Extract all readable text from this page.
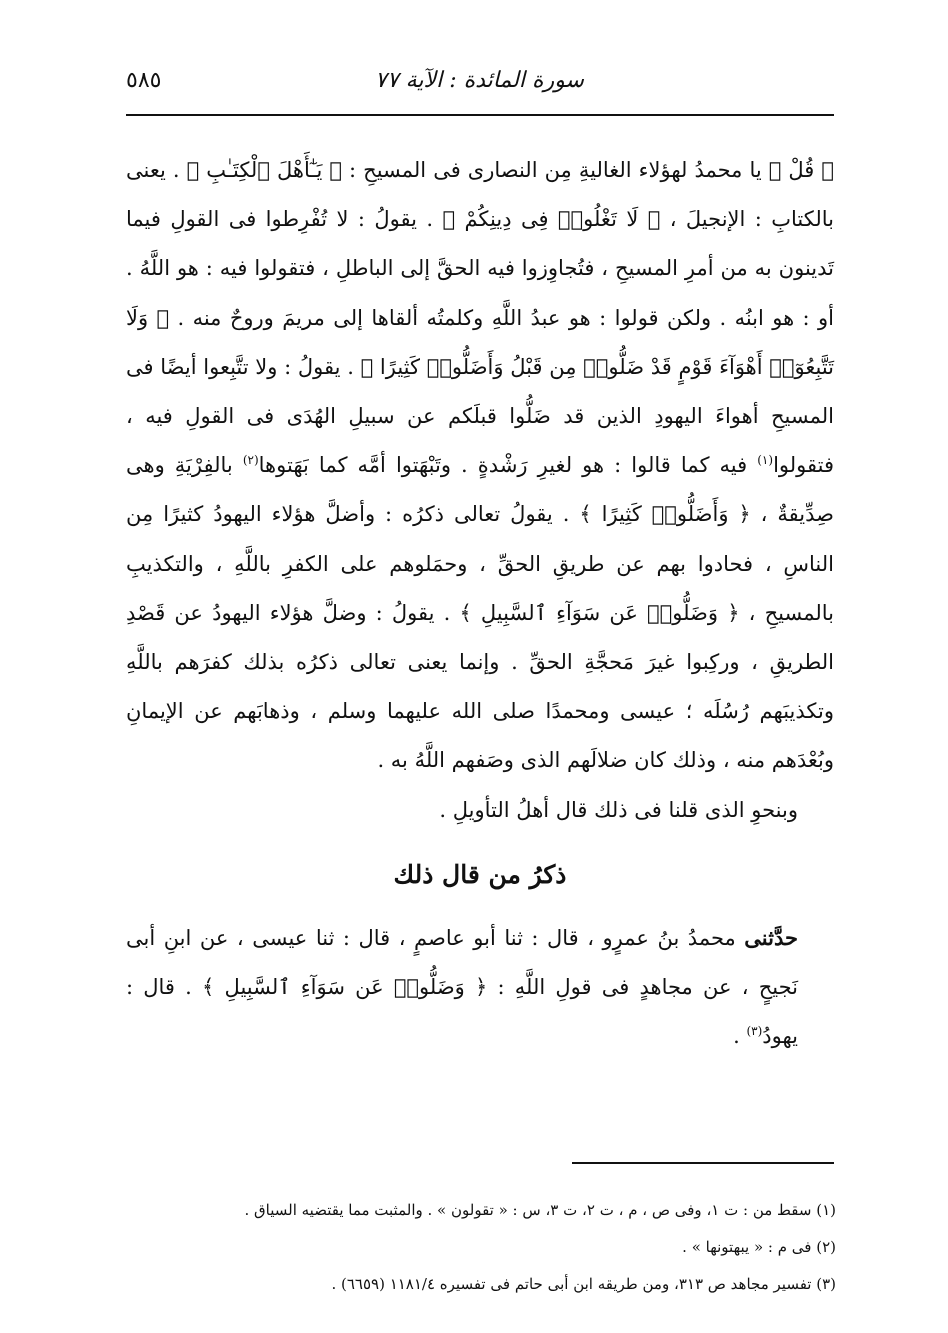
سورة المائدة : الآية ٧٧
٥٨٥

﴿ قُلْ ﴾ يا محمدُ لهؤلاء الغاليةِ مِن النصارى فى المسيحِ : ﴿ يَـٰٓأَهْلَ ٱلْكِتَـٰبِ ﴾ . يعنى بالكتابِ : الإنجيلَ ، ﴿ لَا تَغْلُوا۟ فِى دِينِكُمْ ﴾ . يقولُ : لا تُفْرِطوا فى القولِ فيما تَدينون به من أمرِ المسيحِ ، فتُجاوِزوا فيه الحقَّ إلى الباطلِ ، فتقولوا فيه : هو اللَّهُ . أو : هو ابنُه . ولكن قولوا : هو عبدُ اللَّهِ وكلمتُه ألقاها إلى مريمَ وروحٌ منه . ﴿ وَلَا تَتَّبِعُوٓا۟ أَهْوَآءَ قَوْمٍ قَدْ ضَلُّوا۟ مِن قَبْلُ وَأَضَلُّوا۟ كَثِيرًا ﴾ . يقولُ : ولا تتَّبِعوا أيضًا فى المسيحِ أهواءَ اليهودِ الذين قد ضَلُّوا قبلَكم عن سبيلِ الهُدَى فى القولِ فيه ، فتقولوا$^{(١)}$ فيه كما قالوا : هو لغيرِ رَشْدةٍ . وتَبْهَتوا أمَّه كما بَهَتوها$^{(٢)}$ بالفِرْيَةِ وهى صِدِّيقةٌ ، ﴿ وَأَضَلُّوا۟ كَثِيرًا ﴾ . يقولُ تعالى ذكرُه : وأضلَّ هؤلاء اليهودُ كثيرًا مِن الناسِ ، فحادوا بهم عن طريقِ الحقِّ ، وحمَلوهم على الكفرِ باللَّهِ ، والتكذيبِ بالمسيحِ ، ﴿ وَضَلُّوا۟ عَن سَوَآءِ ٱلسَّبِيلِ ﴾ . يقولُ : وضلَّ هؤلاء اليهودُ عن قَصْدِ الطريقِ ، وركِبوا غيرَ مَحجَّةِ الحقِّ . وإنما يعنى تعالى ذكرُه بذلك كفرَهم باللَّهِ وتكذيبَهم رُسُلَه ؛ عيسى ومحمدًا صلى الله عليهما وسلم ، وذهابَهم عن الإيمانِ وبُعْدَهم منه ، وذلك كان ضلالَهم الذى وصَفهم اللَّهُ به .

وبنحوِ الذى قلنا فى ذلك قال أهلُ التأويلِ .

ذكرُ من قال ذلك

حدَّثنى محمدُ بنُ عمرٍو ، قال : ثنا أبو عاصمٍ ، قال : ثنا عيسى ، عن ابنِ أبى نَجيحٍ ، عن مجاهدٍ فى قولِ اللَّهِ : ﴿ وَضَلُّوا۟ عَن سَوَآءِ ٱلسَّبِيلِ ﴾ . قال : يهودُ$^{(٣)}$ .

(١) سقط من : ت ١، وفى ص ، م ، ت ٢، ت ٣، س : « تقولون » . والمثبت مما يقتضيه السياق .

(٢) فى م : « يبهتونها » .

(٣) تفسير مجاهد ص ٣١٣، ومن طريقه ابن أبى حاتم فى تفسيره ١١٨١/٤ (٦٦٥٩) .
